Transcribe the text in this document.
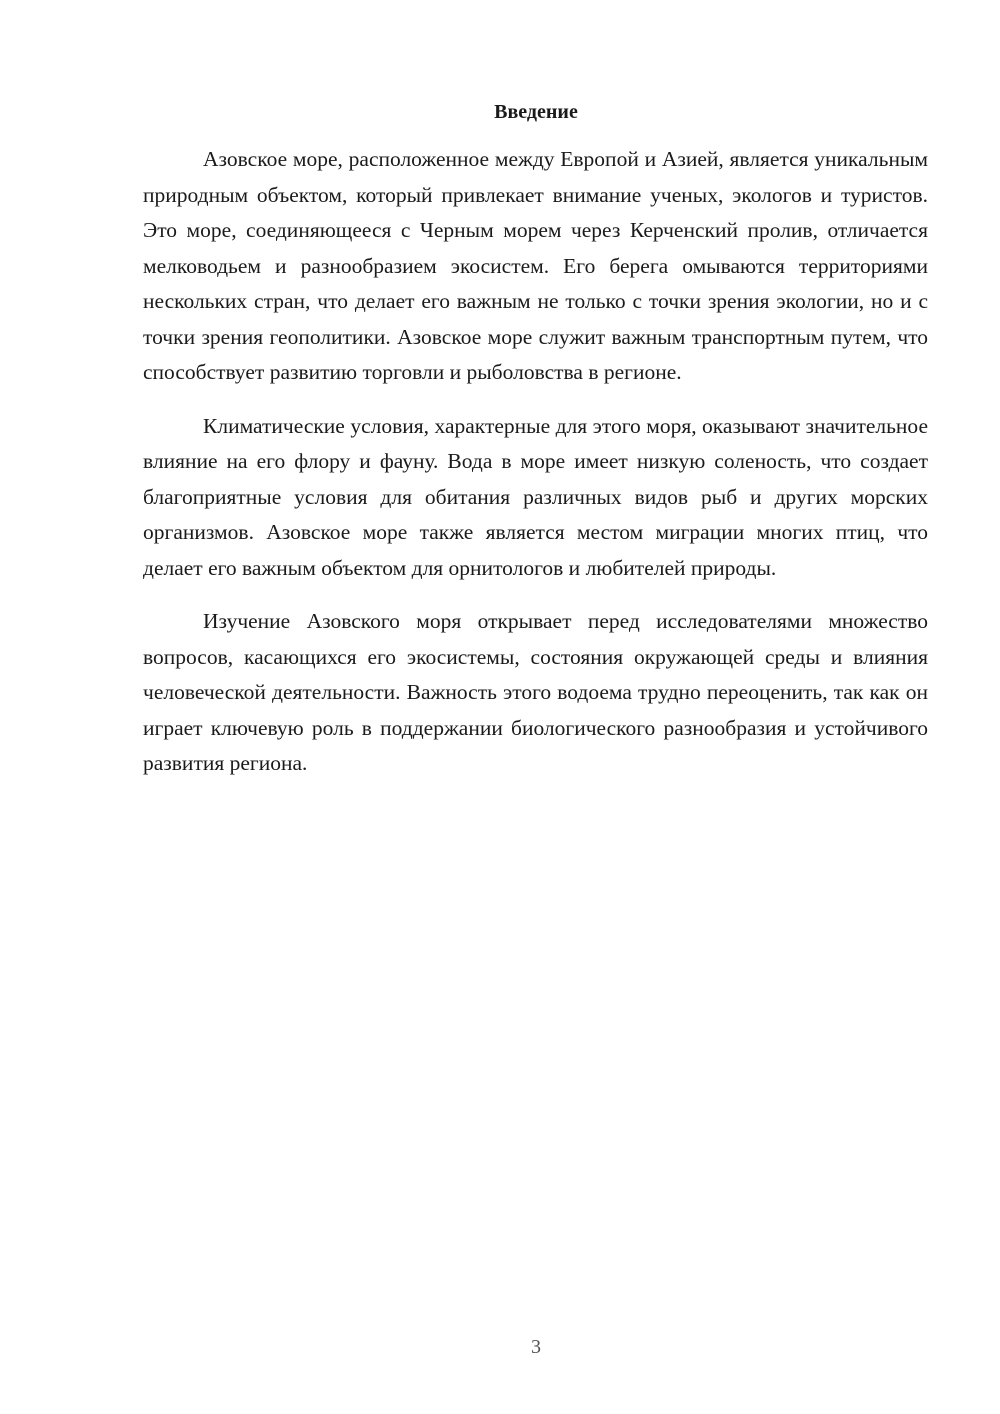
Введение

Азовское море, расположенное между Европой и Азией, является уникальным природным объектом, который привлекает внимание ученых, экологов и туристов. Это море, соединяющееся с Черным морем через Керченский пролив, отличается мелководьем и разнообразием экосистем. Его берега омываются территориями нескольких стран, что делает его важным не только с точки зрения экологии, но и с точки зрения геополитики. Азовское море служит важным транспортным путем, что способствует развитию торговли и рыболовства в регионе.

Климатические условия, характерные для этого моря, оказывают значительное влияние на его флору и фауну. Вода в море имеет низкую соленость, что создает благоприятные условия для обитания различных видов рыб и других морских организмов. Азовское море также является местом миграции многих птиц, что делает его важным объектом для орнитологов и любителей природы.

Изучение Азовского моря открывает перед исследователями множество вопросов, касающихся его экосистемы, состояния окружающей среды и влияния человеческой деятельности. Важность этого водоема трудно переоценить, так как он играет ключевую роль в поддержании биологического разнообразия и устойчивого развития региона.

3
